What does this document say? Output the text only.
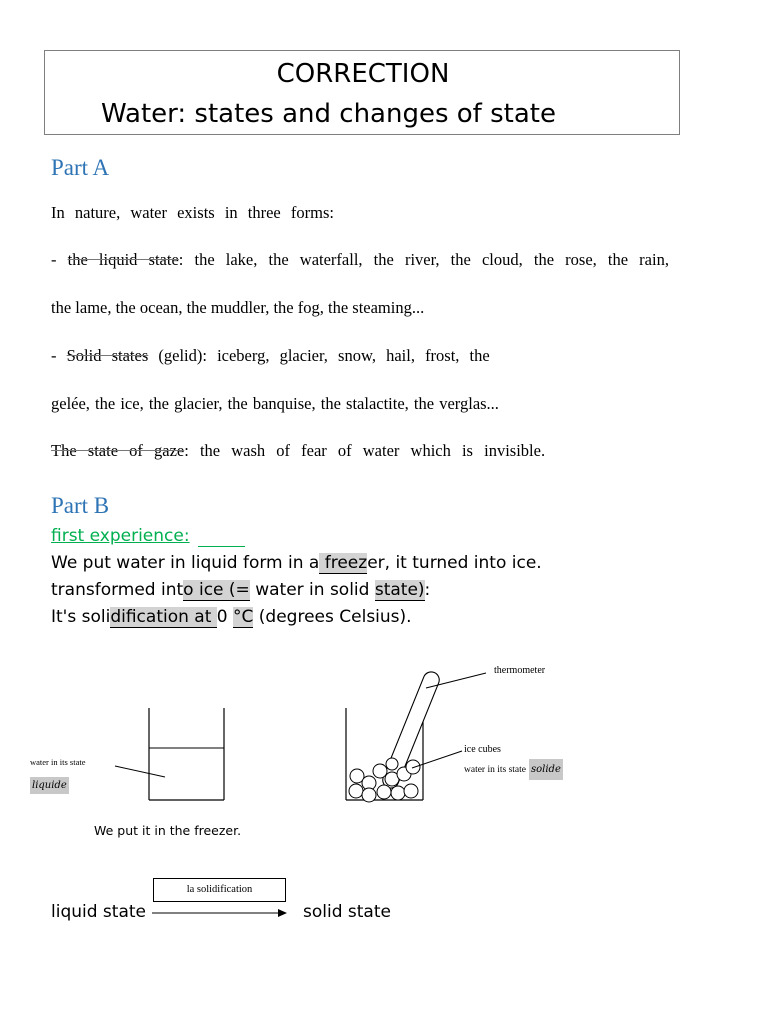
CORRECTION
Water: states and changes of state
Part A
In nature, water exists in three forms:
- the liquid state: the lake, the waterfall, the river, the cloud, the rose, the rain,
the lame, the ocean, the muddler, the fog, the steaming...
- Solid states (gelid): iceberg, glacier, snow, hail, frost, the
gelée, the ice, the glacier, the banquise, the stalactite, the verglas...
The state of gaze: the wash of fear of water which is invisible.
Part B
first experience:
We put water in liquid form in a freezer, it turned into ice.
transformed into ice (= water in solid state):
It's solidification at 0 °C (degrees Celsius).
thermometer
water in its state
liquide
ice cubes
water in its state solide
We put it in the freezer.
la solidification
liquid state	solid state
